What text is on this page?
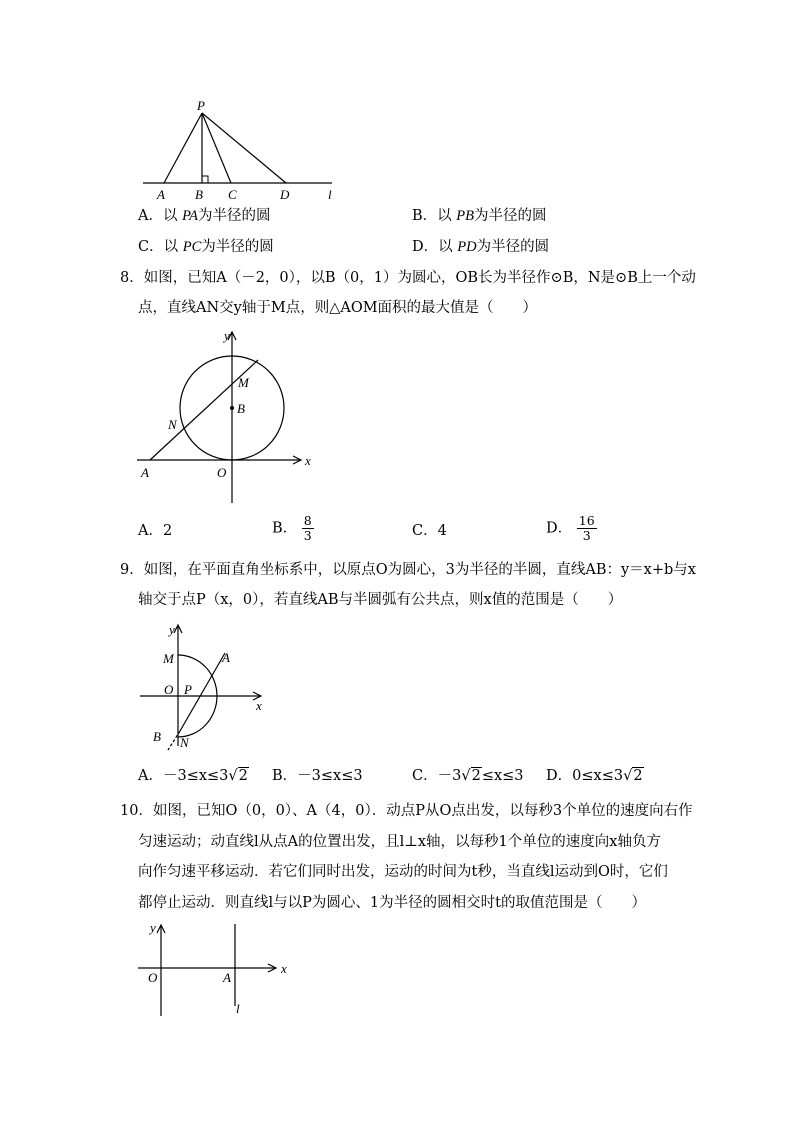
P
A B C	D	l
A．以 PA为半径的圆	B．以 PB为半径的圆
C．以 PC为半径的圆	D．以 PD为半径的圆
8．如图，已知A（－2，0），以B（0，1）为圆心，OB长为半径作⊙B，N是⊙B上一个动
点，直线AN交y轴于M点，则△AOM面积的最大值是（　　）
y
x
M
B
N
A	O
A．2	B． $\frac{8}{3}$	C．4	D． $\frac{16}{3}$
9．如图，在平面直角坐标系中，以原点O为圆心，3为半径的半圆，直线AB：y＝x+b与x
轴交于点P（x，0），若直线AB与半圆弧有公共点，则x值的范围是（　　）
y
x
M	A
O P
B N
A．－3≤x≤3√2 B．－3≤x≤3	C．－3√2≤x≤3 D．0≤x≤3√2
10．如图，已知O（0，0）、A（4，0）．动点P从O点出发，以每秒3个单位的速度向右作
匀速运动；动直线l从点A的位置出发，且l⊥x轴，以每秒1个单位的速度向x轴负方
向作匀速平移运动．若它们同时出发，运动的时间为t秒，当直线l运动到O时，它们
都停止运动．则直线l与以P为圆心、1为半径的圆相交时t的取值范围是（　　）
y
x
O	A
l
